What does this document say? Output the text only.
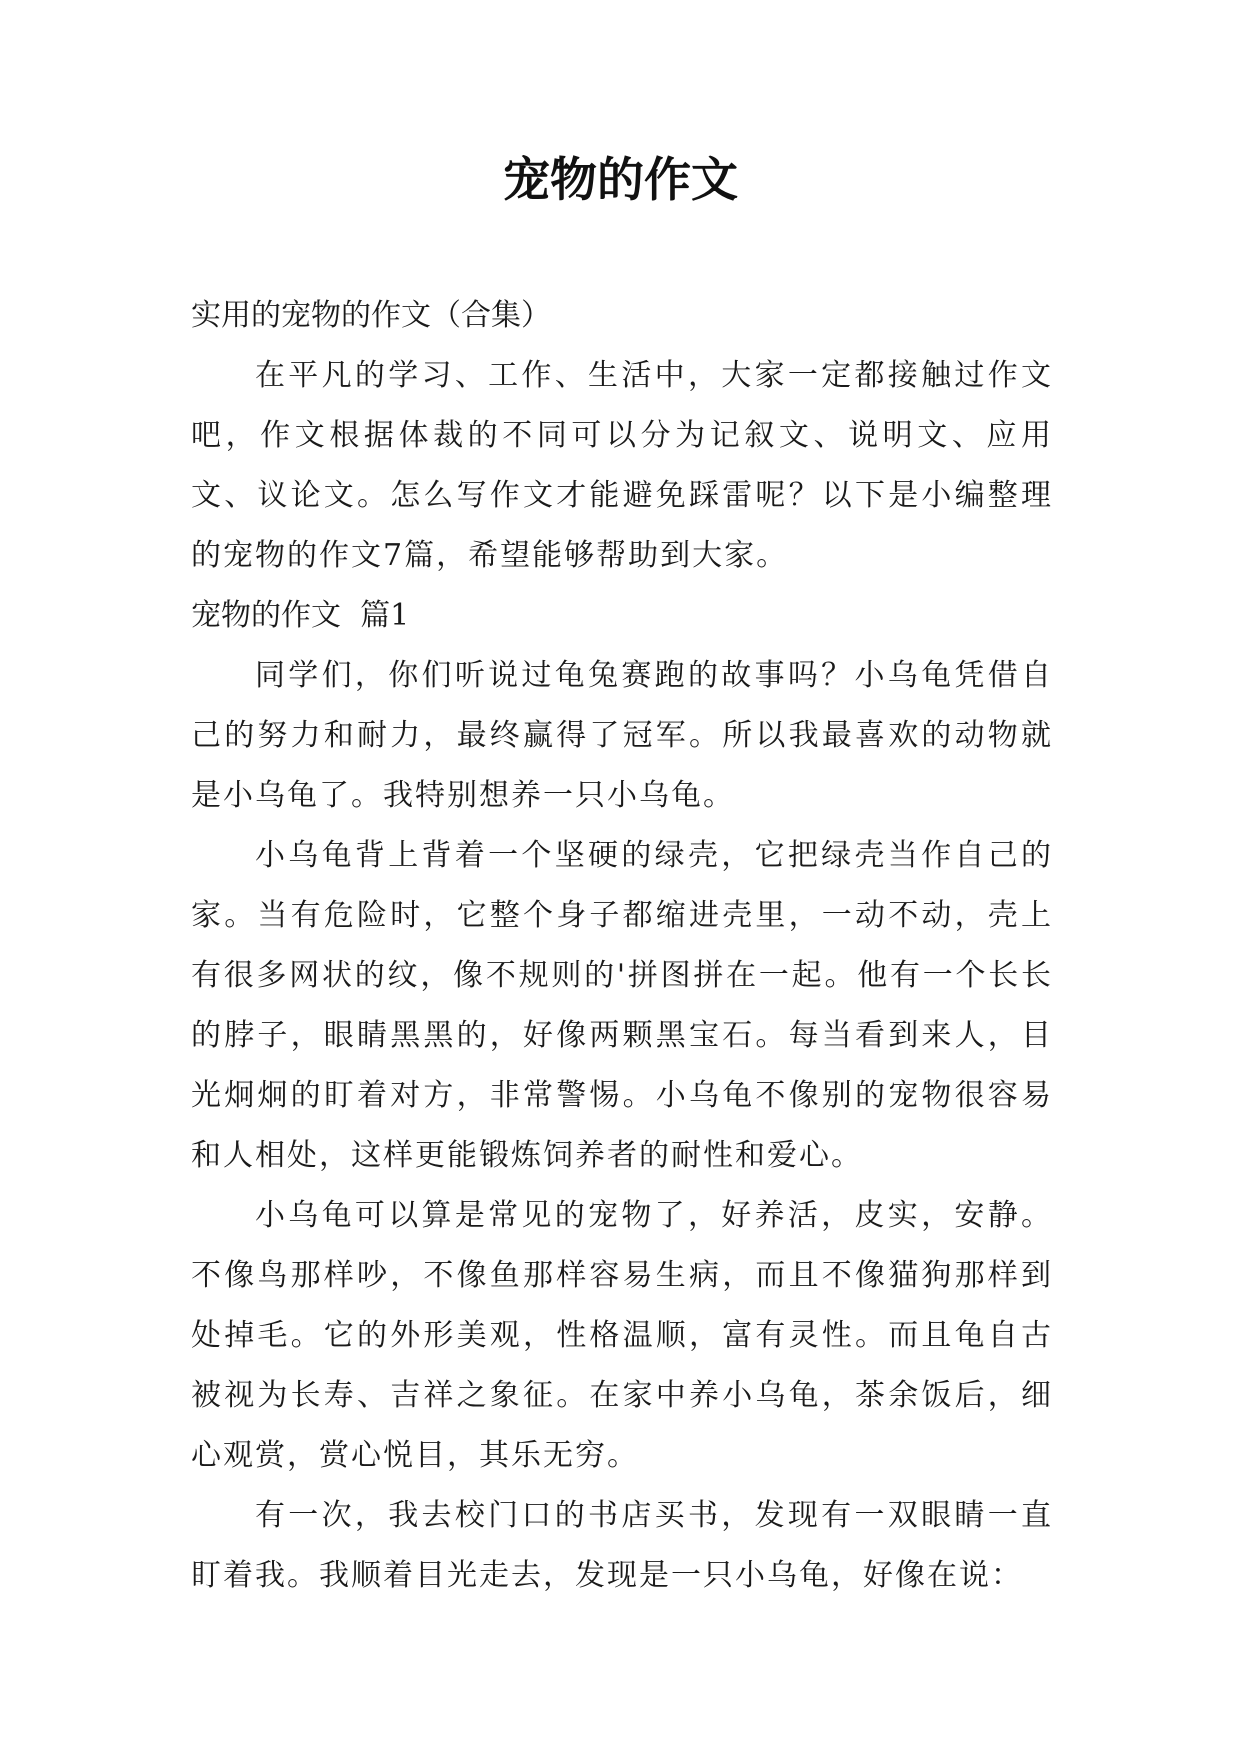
宠物的作文
实用的宠物的作文（合集）

在平凡的学习、工作、生活中，大家一定都接触过作文吧，作文根据体裁的不同可以分为记叙文、说明文、应用文、议论文。怎么写作文才能避免踩雷呢？以下是小编整理的宠物的作文7篇，希望能够帮助到大家。

宠物的作文  篇1

同学们，你们听说过龟兔赛跑的故事吗？小乌龟凭借自己的努力和耐力，最终赢得了冠军。所以我最喜欢的动物就是小乌龟了。我特别想养一只小乌龟。

小乌龟背上背着一个坚硬的绿壳，它把绿壳当作自己的家。当有危险时，它整个身子都缩进壳里，一动不动，壳上有很多网状的纹，像不规则的'拼图拼在一起。他有一个长长的脖子，眼睛黑黑的，好像两颗黑宝石。每当看到来人，目光炯炯的盯着对方，非常警惕。小乌龟不像别的宠物很容易和人相处，这样更能锻炼饲养者的耐性和爱心。

小乌龟可以算是常见的宠物了，好养活，皮实，安静。不像鸟那样吵，不像鱼那样容易生病，而且不像猫狗那样到处掉毛。它的外形美观，性格温顺，富有灵性。而且龟自古被视为长寿、吉祥之象征。在家中养小乌龟，茶余饭后，细心观赏，赏心悦目，其乐无穷。

有一次，我去校门口的书店买书，发现有一双眼睛一直盯着我。我顺着目光走去，发现是一只小乌龟，好像在说：
